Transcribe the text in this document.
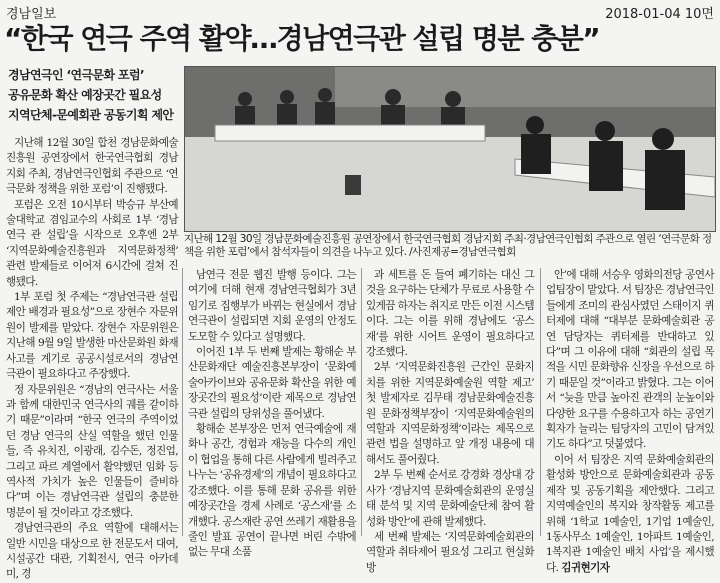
경남일보	2018-01-04 10면
“한국 연극 주역 활약…경남연극관 설립 명분 충분”
경남연극인 ‘연극문화 포럼’
공유문화 확산 예장곳간 필요성
지역단체-문예회관 공동기획 제안
지난해 12월 30일 경남문화예술진흥원 공연장에서 한국연극협회 경남지회 주최·경남연극인협회 주관으로 열린 ‘연극문화 정책을 위한 포럼’에서 참석자들이 의견을 나누고 있다. /사진제공=경남연극협회

지난해 12월 30일 합천 경남문화예술진흥원 공연장에서 한국연극협회 경남지회 주최, 경남연극인협회 주관으로 ‘연극문화 정책을 위한 포럼’이 진행됐다.

포럼은 오전 10시부터 박승규 부산예술대학교 겸임교수의 사회로 1부 ‘경남연극 관 설립’을 시작으로 오후엔 2부 ‘지역문화예술진흥원과 지역문화정책’ 관련 발제들로 이어져 6시간에 걸쳐 진행됐다.

1부 포럼 첫 주제는 “경남연극관 설립 제안 배경과 필요성”으로 장현수 자문위원이 발제를 맡았다. 장현수 자문위원은 지난해 9월 9일 발생한 마산문화원 화재 사고를 계기로 공공시설로서의 경남연극관이 필요하다고 주장했다.

정 자문위원은 “경남의 연극사는 서울과 함께 대한민국 연극사의 궤를 같이하기 때문”이라며 “한국 연극의 주역이었던 경남 연극의 산실 역할을 했던 인물들, 즉 유치진, 이광래, 김수돈, 정진업, 그리고 파르 계열에서 활약했던 임화 등 역사적 가치가 높은 인물들이 즐비하다”며 이는 경남연극관 설립의 충분한 명분이 될 것이라고 강조했다.

경남연극관의 주요 역할에 대해서는 일반 시민을 대상으로 한 전문도서 대여, 시설공간 대관, 기획전시, 연극 아카데미, 경

남연극 전문 웹진 발행 등이다. 그는 여기에 더해 현재 경남연극협회가 3년 임기로 집행부가 바뀌는 현실에서 경남연극관이 설립되면 지회 운영의 안정도 도모할 수 있다고 설명했다.

이어진 1부 두 번째 발제는 황해순 부산문화재단 예술진흥본부장이 ‘문화예술아카이브와 공유문화 확산을 위한 예장곳간의 필요성’이란 제목으로 경남연극관 설립의 당위성을 풀어냈다.

황해순 본부장은 먼저 연극예술에 재화나 공간, 경험과 재능을 다수의 개인이 협업을 통해 다른 사람에게 빌려주고 나누는 ‘공유경제’의 개념이 필요하다고 강조했다. 이를 통해 문화 공유를 위한 예장곳간을 경제 사례로 ‘공스재’를 소개했다. 공스재란 공연 쓰레기 재활용을 줄인 발표 공연이 끝나면 버린 수밖에 없는 무대 소품

과 세트를 돈 들여 폐기하는 대신 그것을 요구하는 단체가 무료로 사용할 수 있게끔 하자는 취지로 만든 이전 시스템이다. 그는 이를 위해 경남에도 ‘공스재’를 위한 시어트 운영이 필요하다고 강조했다.

2부 ‘지역문화진흥원 근간인 문화지치를 위한 지역문화예술원 역할 제고’ 첫 발제자로 김무태 경남문화예술진흥원 문화정책부장이 ‘지역문화예술원의 역할과 지역문화정책’이라는 제목으로 관련 법을 설명하고 앞 개정 내용에 대해서도 풀어줬다.

2부 두 번째 순서로 강경화 경상대 강사가 ‘경남지역 문화예술회관의 운영실태 분석 및 지역 문화예술단체 참여 활성화 방안’에 관해 발제했다.

세 번째 발제는 ‘지역문화예술회관의 역할과 취타제어 필요성 그리고 현실화 방

안’에 대해 서승우 영화의전당 공연사업팀장이 맡았다. 서 팀장은 경남연극인들에게 조미의 관심사였던 스태이지 퀴터제에 대해 “대부분 문화예술회관 공연 담당자는 퀴터제를 반대하고 있다”며 그 이유에 대해 “회관의 설립 목적을 시민 문화향유 신장을 우선으로 하기 때문일 것”이라고 밝혔다. 그는 이어서 “늦을 만큼 높아진 관객의 눈높이와 다양한 요구를 수용하고자 하는 공연기획자가 늘리는 팀당자의 고민이 담겨있기도 하다”고 덧붙였다.

이어 서 팀장은 지역 문화예술회관의 활성화 방안으로 문화예술회관과 공동제작 및 공동기획을 제안했다. 그리고 지역예술인의 복지와 창작활동 제고를 위해 ‘1학교 1예술인, 1기업 1예술인, 1동사무소 1예술인, 1아파트 1예술인, 1복지관 1예술인 배치 사업’을 제시했다. 김귀현기자
